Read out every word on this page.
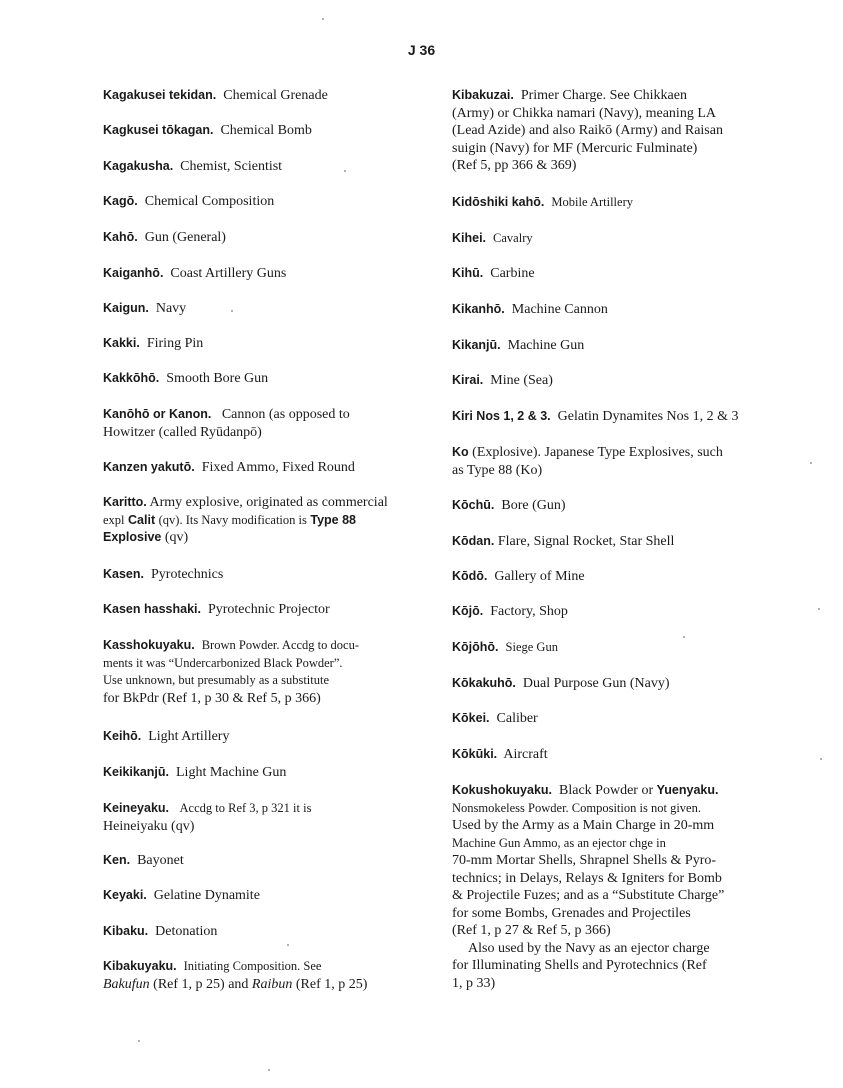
J 36
Kagakusei tekidan. Chemical Grenade
Kagkusei tōkagan. Chemical Bomb
Kagakusha. Chemist, Scientist
Kagō. Chemical Composition
Kahō. Gun (General)
Kaiganhō. Coast Artillery Guns
Kaigun. Navy
Kakki. Firing Pin
Kakkōhō. Smooth Bore Gun
Kanōhō or Kanon. Cannon (as opposed to
Howitzer (called Ryūdanpō)
Kanzen yakutō. Fixed Ammo, Fixed Round
Karitto. Army explosive, originated as commercial
expl Calit (qv). Its Navy modification is Type 88
Explosive (qv)
Kasen. Pyrotechnics
Kasen hasshaki. Pyrotechnic Projector
Kasshokuyaku. Brown Powder. Accdg to docu-
ments it was “Undercarbonized Black Powder”.
Use unknown, but presumably as a substitute
for BkPdr (Ref 1, p 30 & Ref 5, p 366)
Keihō. Light Artillery
Keikikanjū. Light Machine Gun
Keineyaku. Accdg to Ref 3, p 321 it is
Heineiyaku (qv)
Ken. Bayonet
Keyaki. Gelatine Dynamite
Kibaku. Detonation
Kibakuyaku. Initiating Composition. See
Bakufun (Ref 1, p 25) and Raibun (Ref 1, p 25)
Kibakuzai. Primer Charge. See Chikkaen
(Army) or Chikka namari (Navy), meaning LA
(Lead Azide) and also Raikō (Army) and Raisan
suigin (Navy) for MF (Mercuric Fulminate)
(Ref 5, pp 366 & 369)
Kidōshiki kahō. Mobile Artillery
Kihei. Cavalry
Kihū. Carbine
Kikanhō. Machine Cannon
Kikanjū. Machine Gun
Kirai. Mine (Sea)
Kiri Nos 1, 2 & 3. Gelatin Dynamites Nos 1, 2 & 3
Ko (Explosive). Japanese Type Explosives, such
as Type 88 (Ko)
Kōchū. Bore (Gun)
Kōdan. Flare, Signal Rocket, Star Shell
Kōdō. Gallery of Mine
Kōjō. Factory, Shop
Kōjōhō. Siege Gun
Kōkakuhō. Dual Purpose Gun (Navy)
Kōkei. Caliber
Kōkūki. Aircraft
Kokushokuyaku. Black Powder or Yuenyaku.
Nonsmokeless Powder. Composition is not given.
Used by the Army as a Main Charge in 20-mm
Machine Gun Ammo, as an ejector chge in
70-mm Mortar Shells, Shrapnel Shells & Pyro-
technics; in Delays, Relays & Igniters for Bomb
& Projectile Fuzes; and as a “Substitute Charge”
for some Bombs, Grenades and Projectiles
(Ref 1, p 27 & Ref 5, p 366)
Also used by the Navy as an ejector charge
for Illuminating Shells and Pyrotechnics (Ref
1, p 33)
